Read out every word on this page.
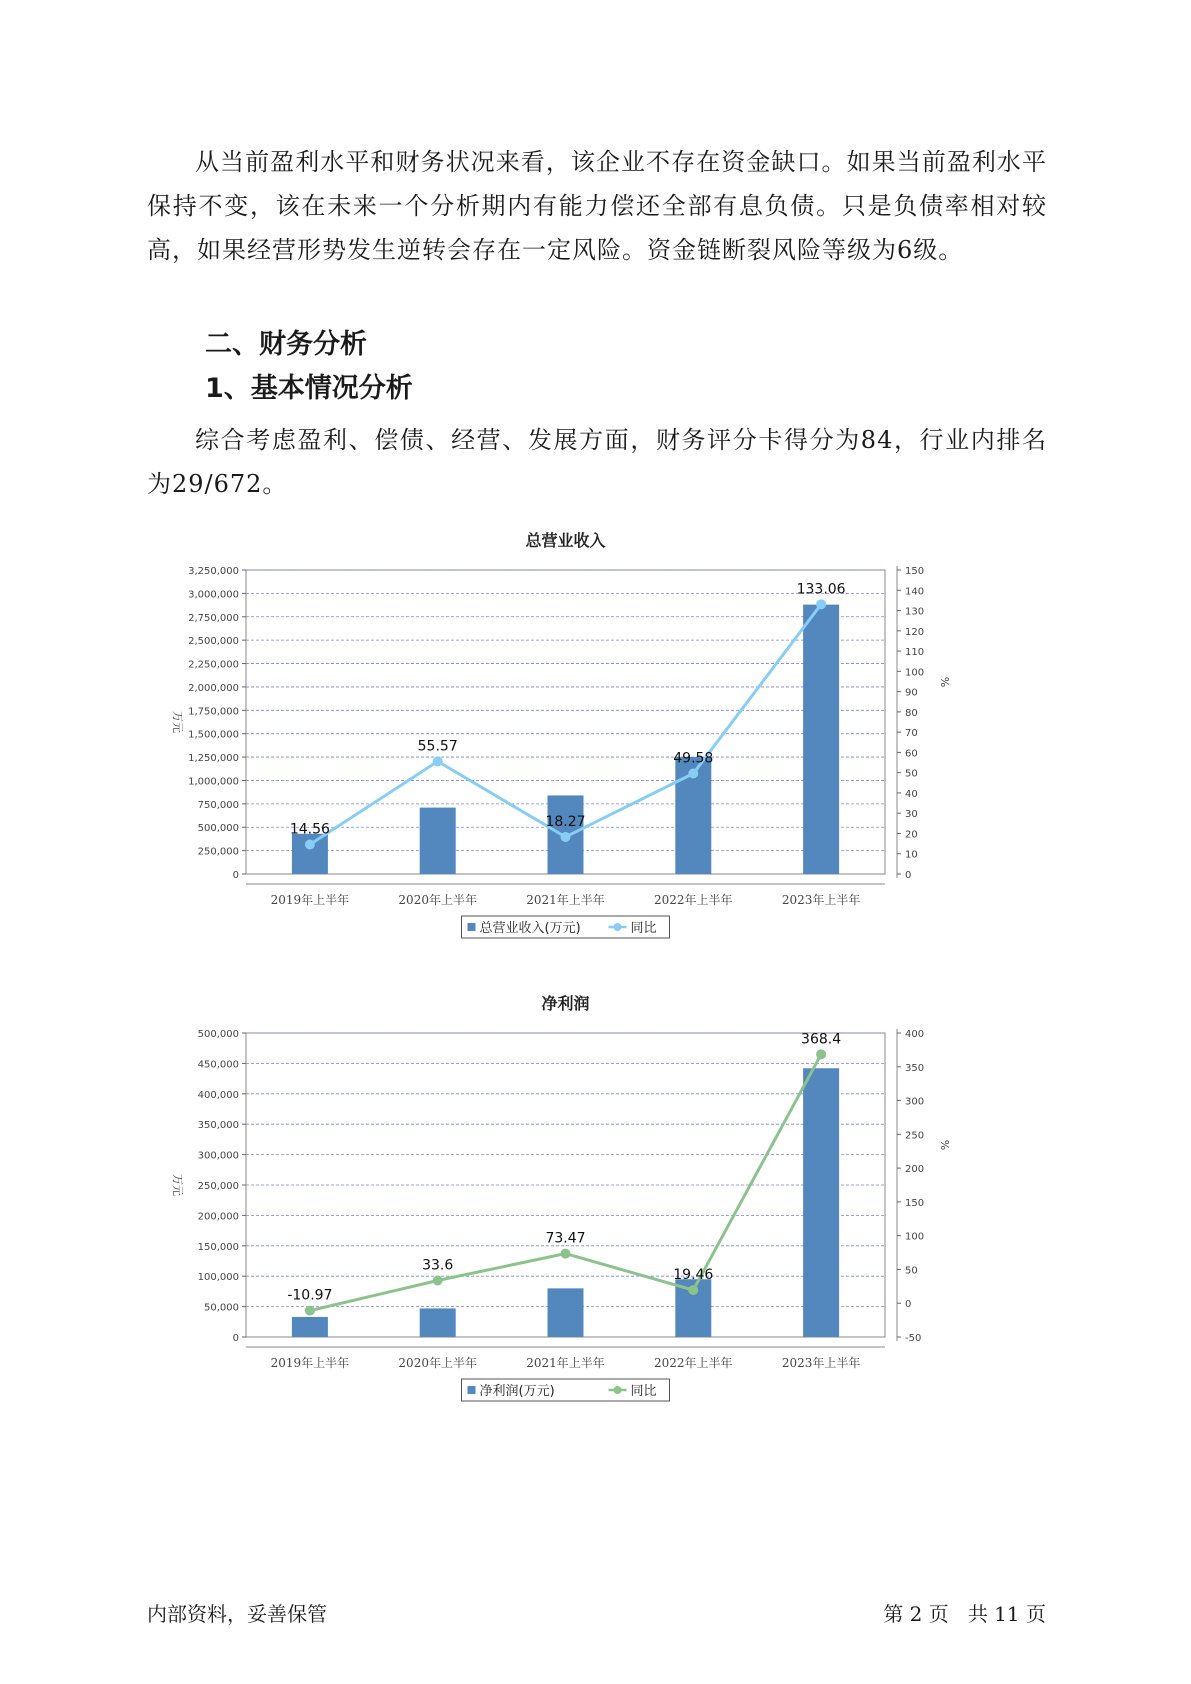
从当前盈利水平和财务状况来看，该企业不存在资金缺口。如果当前盈利水平保持不变，该在未来一个分析期内有能力偿还全部有息负债。只是负债率相对较高，如果经营形势发生逆转会存在一定风险。资金链断裂风险等级为6级。

二、财务分析
1、基本情况分析

综合考虑盈利、偿债、经营、发展方面，财务评分卡得分为84，行业内排名为29/672。

总营业收入
0
250,000
500,000
750,000
1,000,000
1,250,000
1,500,000
1,750,000
2,000,000
2,250,000
2,500,000
2,750,000
3,000,000
3,250,000
0
10
20
30
40
50
60
70
80
90
100
110
120
130
140
150
万元
%
2019年上半年	2020年上半年	2021年上半年	2022年上半年	2023年上半年
14.56
55.57
18.27
49.58
133.06
总营业收入(万元)	同比
净利润
0
50,000
100,000
150,000
200,000
250,000
300,000
350,000
400,000
450,000
500,000
-50
0
50
100
150
200
250
300
350
400
万元
%
2019年上半年	2020年上半年	2021年上半年	2022年上半年	2023年上半年
-10.97
33.6
73.47
19.46
368.4
净利润(万元)	同比
内部资料，妥善保管	第 2 页   共 11 页
